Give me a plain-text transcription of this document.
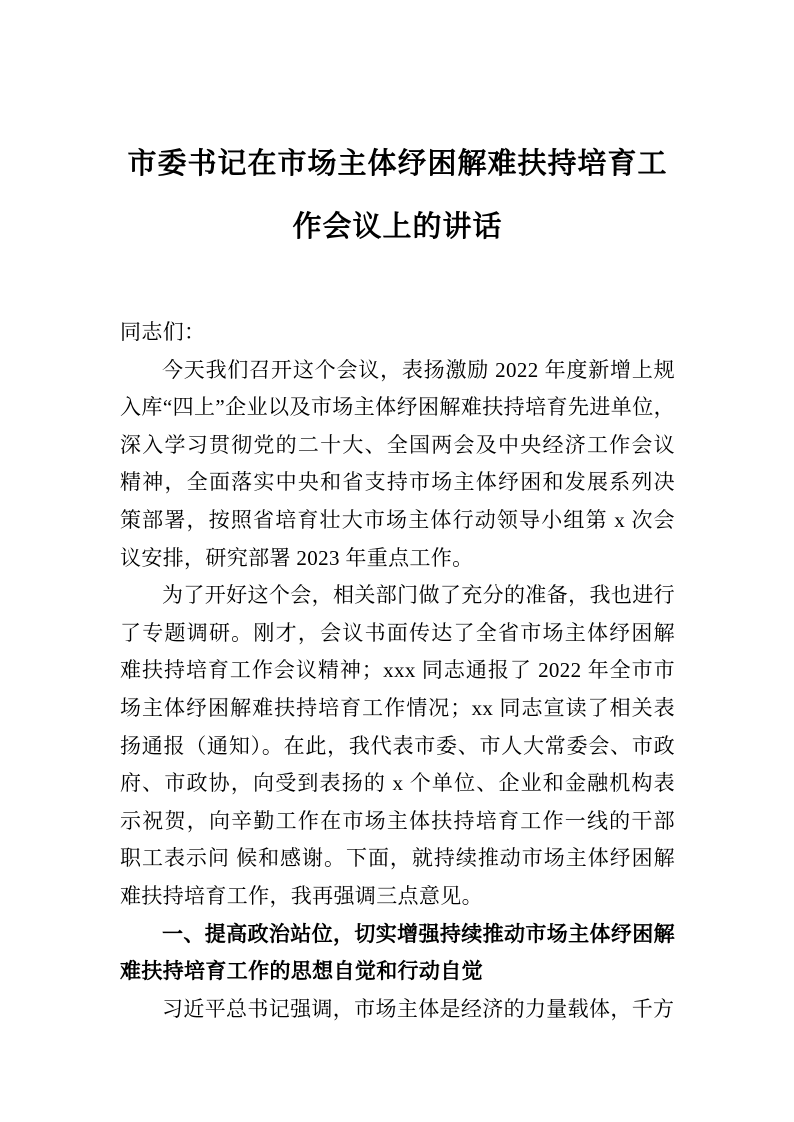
市委书记在市场主体纾困解难扶持培育工作会议上的讲话

同志们：

今天我们召开这个会议，表扬激励 2022 年度新增上规入库“四上”企业以及市场主体纾困解难扶持培育先进单位，深入学习贯彻党的二十大、全国两会及中央经济工作会议精神，全面落实中央和省支持市场主体纾困和发展系列决策部署，按照省培育壮大市场主体行动领导小组第 x 次会议安排，研究部署 2023 年重点工作。

为了开好这个会，相关部门做了充分的准备，我也进行了专题调研。刚才，会议书面传达了全省市场主体纾困解难扶持培育工作会议精神；xxx 同志通报了 2022 年全市市场主体纾困解难扶持培育工作情况；xx 同志宣读了相关表扬通报（通知）。在此，我代表市委、市人大常委会、市政府、市政协，向受到表扬的 x 个单位、企业和金融机构表示祝贺，向辛勤工作在市场主体扶持培育工作一线的干部职工表示问 候和感谢。下面，就持续推动市场主体纾困解难扶持培育工作，我再强调三点意见。

一、提高政治站位，切实增强持续推动市场主体纾困解难扶持培育工作的思想自觉和行动自觉

习近平总书记强调，市场主体是经济的力量载体，千方
